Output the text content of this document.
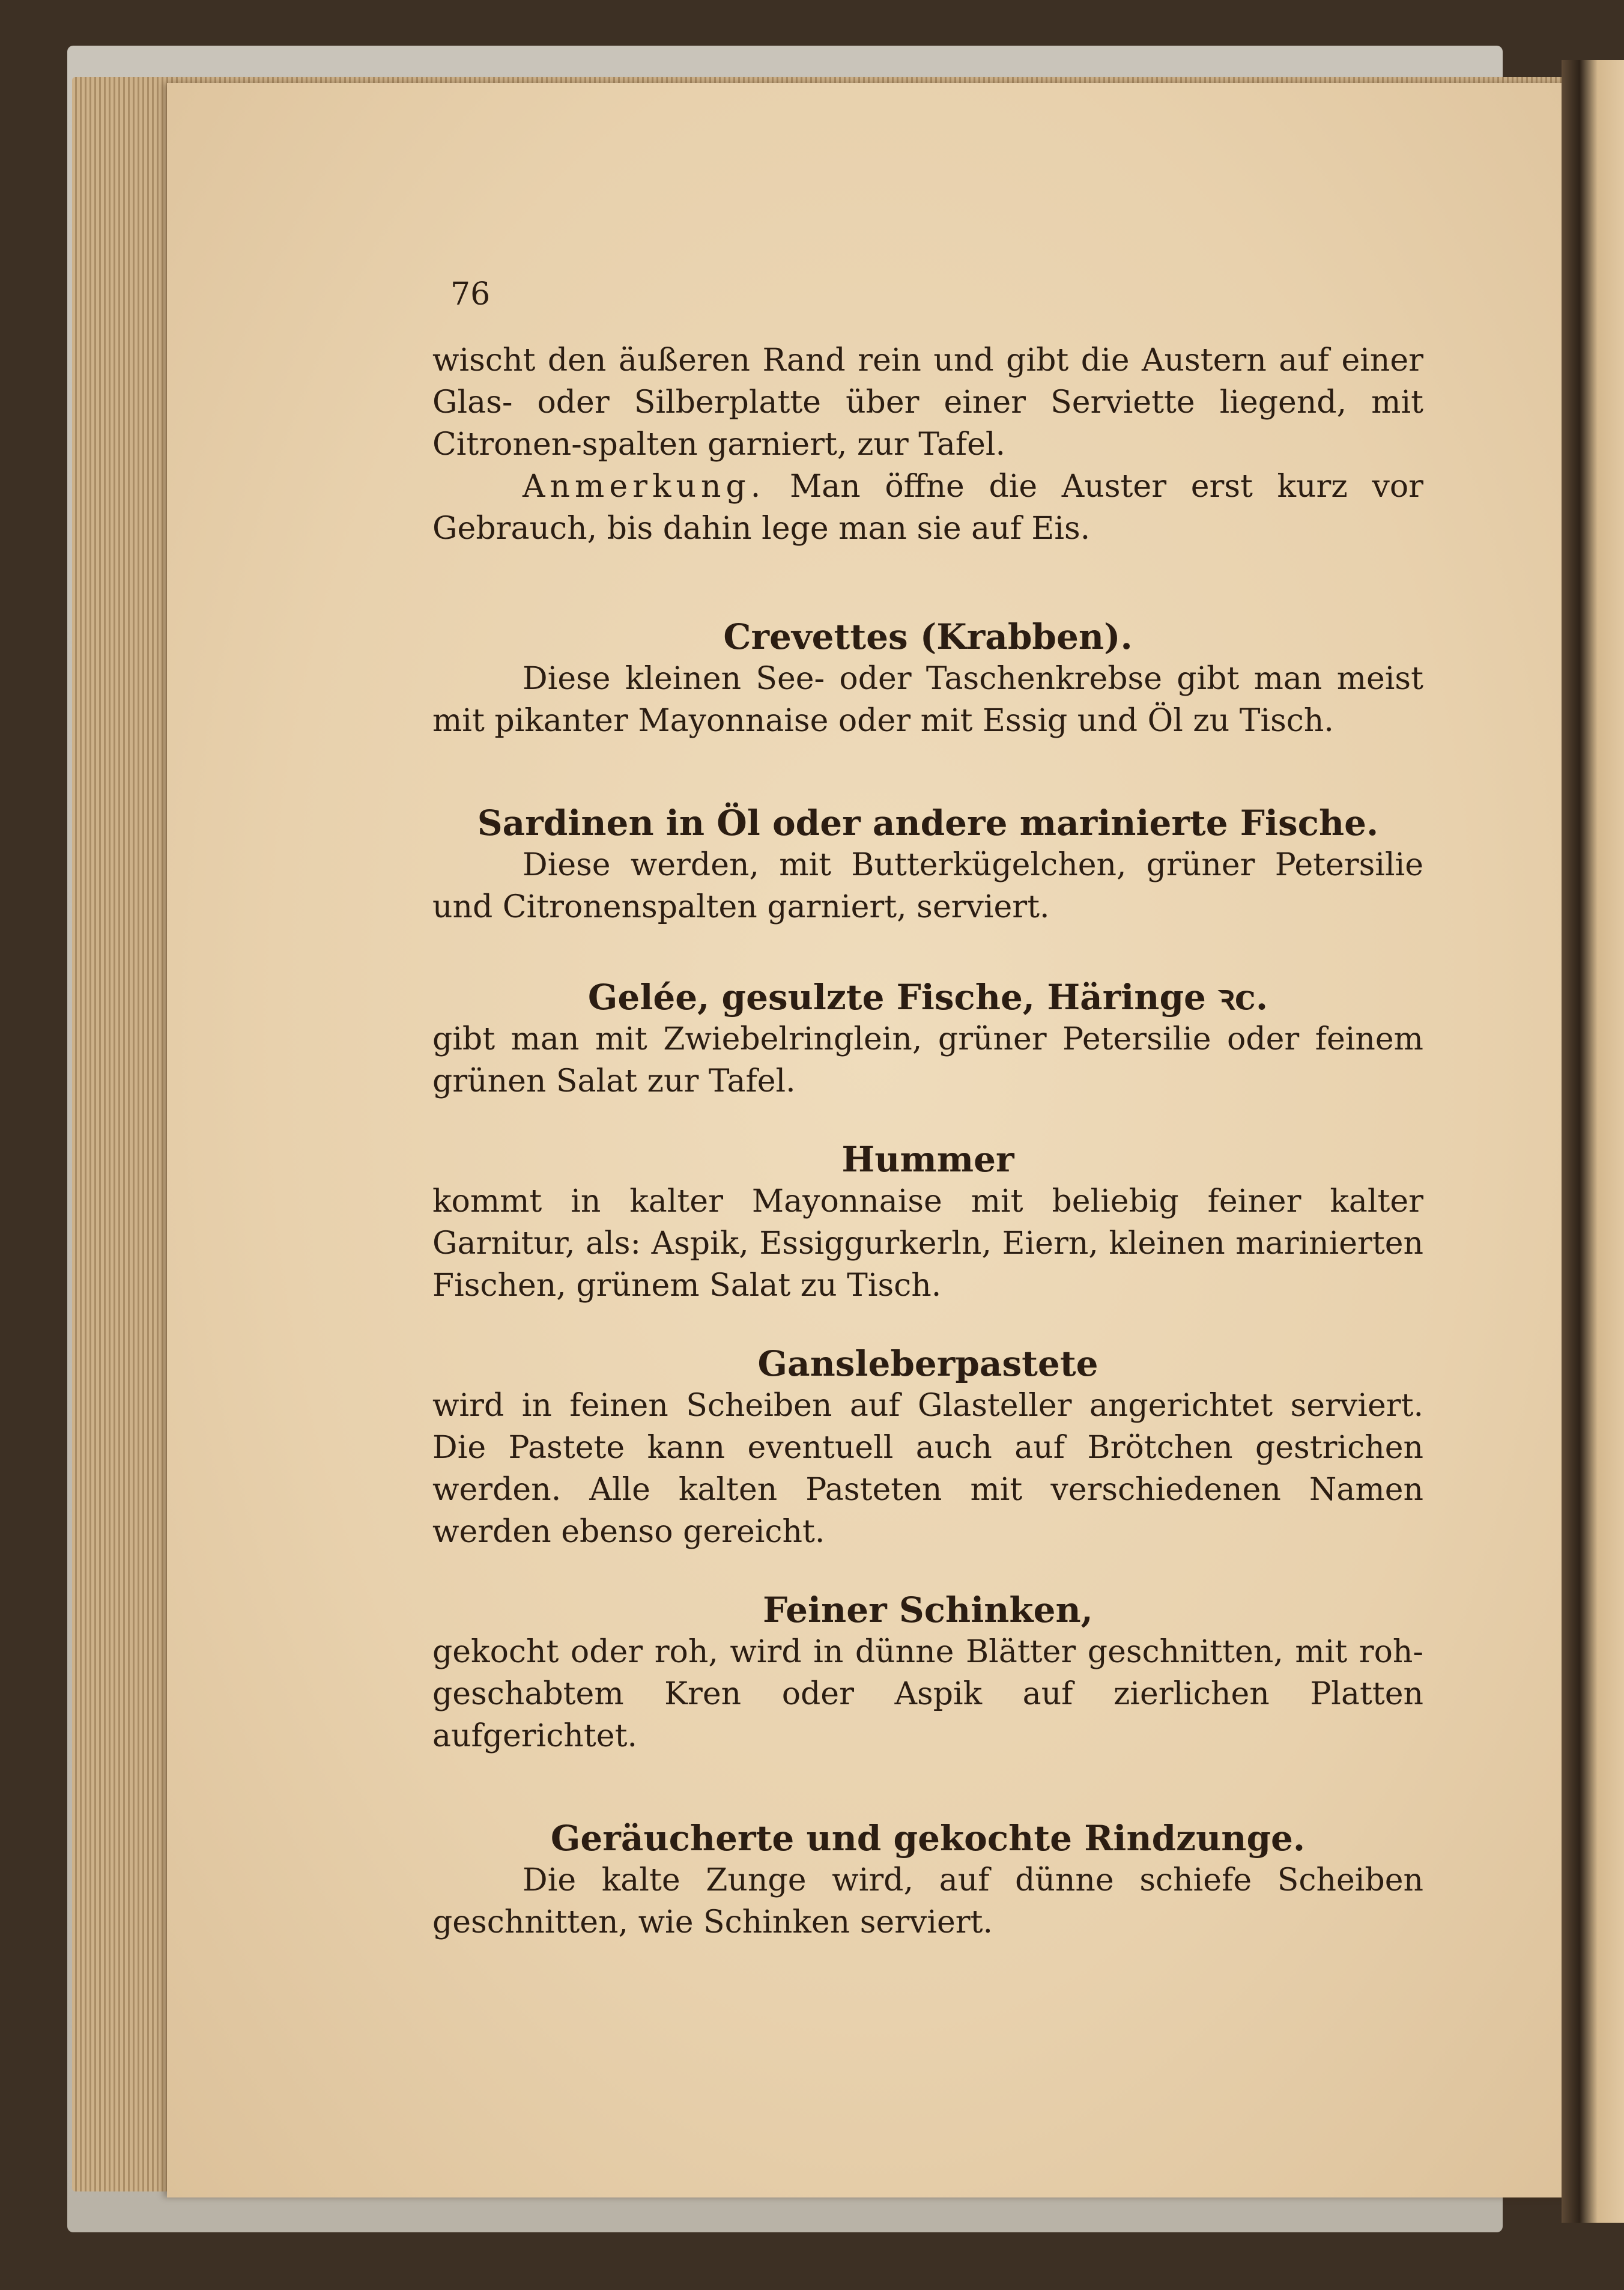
76

wischt den äußeren Rand rein und gibt die Austern auf einer Glas- oder Silberplatte über einer Serviette liegend, mit Citronen-spalten garniert, zur Tafel.

Anmerkung. Man öffne die Auster erst kurz vor Gebrauch, bis dahin lege man sie auf Eis.

Crevettes (Krabben).

Diese kleinen See- oder Taschenkrebse gibt man meist mit pikanter Mayonnaise oder mit Essig und Öl zu Tisch.

Sardinen in Öl oder andere marinierte Fische.

Diese werden, mit Butterkügelchen, grüner Petersilie und Citronenspalten garniert, serviert.

Gelée, gesulzte Fische, Häringe ꝛc.

gibt man mit Zwiebelringlein, grüner Petersilie oder feinem grünen Salat zur Tafel.

Hummer

kommt in kalter Mayonnaise mit beliebig feiner kalter Garnitur, als: Aspik, Essiggurkerln, Eiern, kleinen marinierten Fischen, grünem Salat zu Tisch.

Gansleberpastete

wird in feinen Scheiben auf Glasteller angerichtet serviert. Die Pastete kann eventuell auch auf Brötchen gestrichen werden. Alle kalten Pasteten mit verschiedenen Namen werden ebenso gereicht.

Feiner Schinken,

gekocht oder roh, wird in dünne Blätter geschnitten, mit roh-geschabtem Kren oder Aspik auf zierlichen Platten aufgerichtet.

Geräucherte und gekochte Rindzunge.

Die kalte Zunge wird, auf dünne schiefe Scheiben geschnitten, wie Schinken serviert.
